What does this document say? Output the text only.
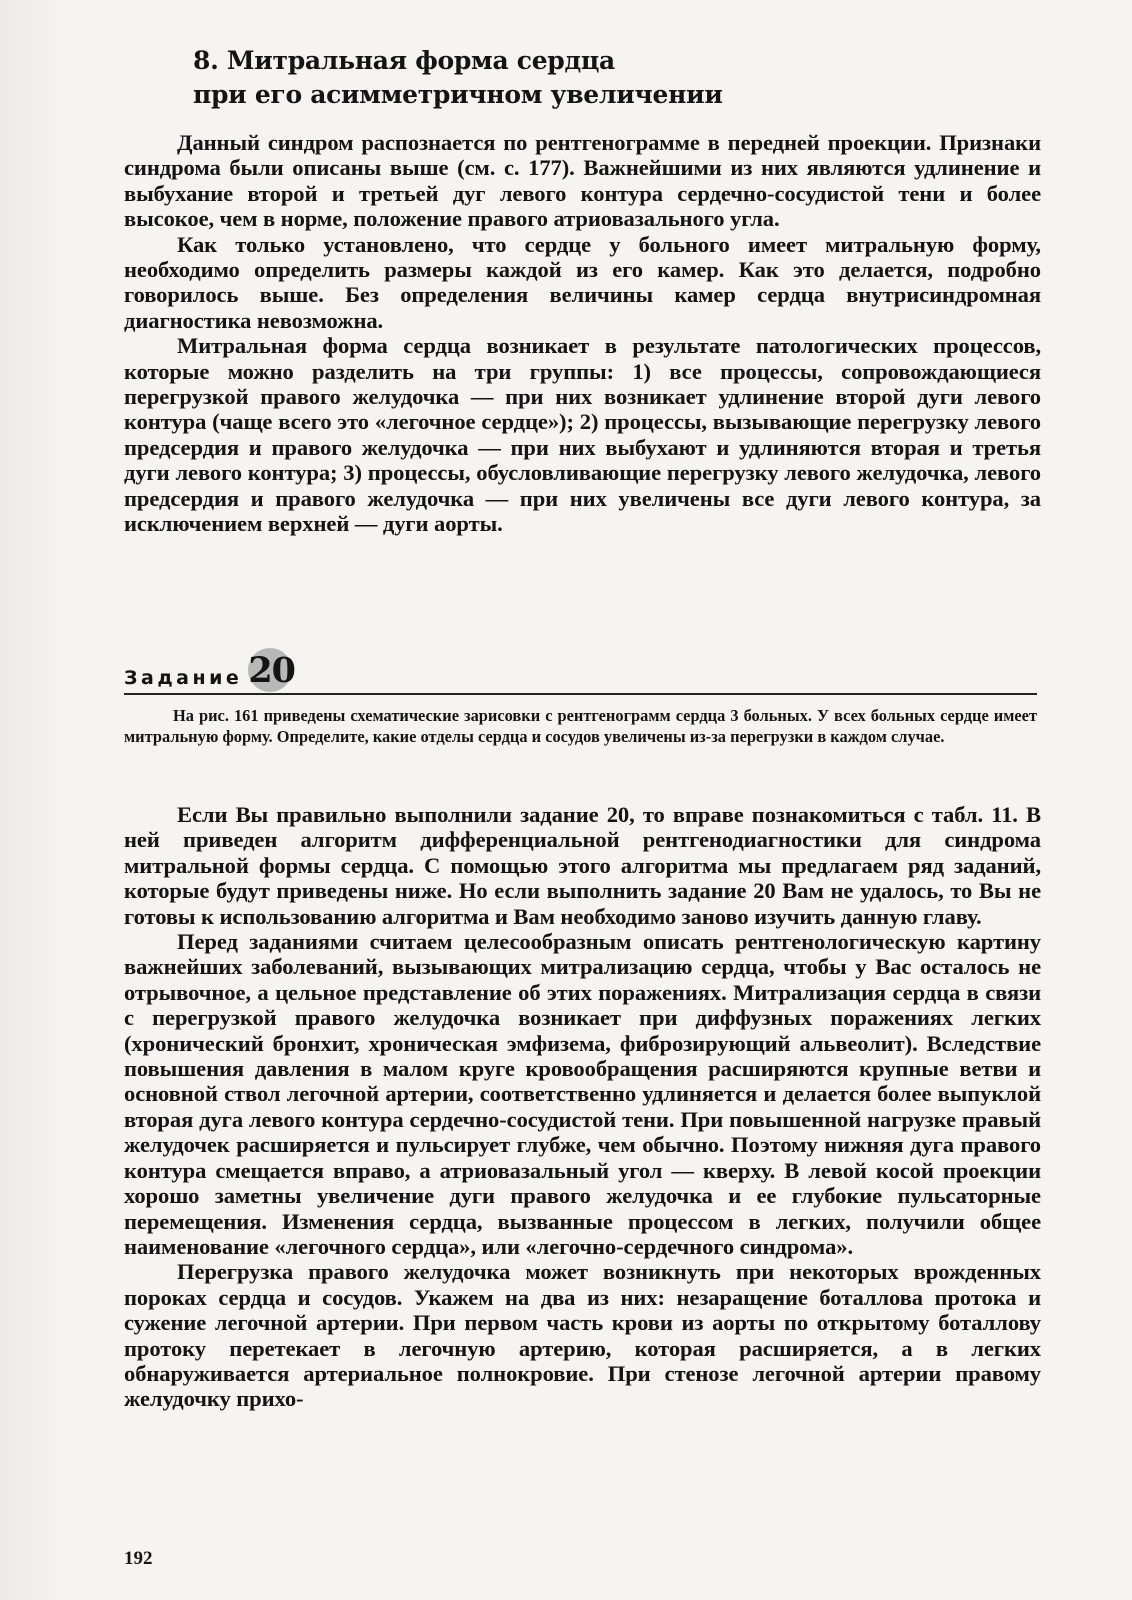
8. Митральная форма сердца
при его асимметричном увеличении

Данный синдром распознается по рентгенограмме в передней проекции. Признаки синдрома были описаны выше (см. с. 177). Важнейшими из них являются удлинение и выбухание второй и третьей дуг левого контура сердечно-сосудистой тени и более высокое, чем в норме, положение правого атриовазального угла.

Как только установлено, что сердце у больного имеет митральную форму, необходимо определить размеры каждой из его камер. Как это делается, подробно говорилось выше. Без определения величины камер сердца внутрисиндромная диагностика невозможна.

Митральная форма сердца возникает в результате патологических процессов, которые можно разделить на три группы: 1) все процессы, сопровождающиеся перегрузкой правого желудочка — при них возникает удлинение второй дуги левого контура (чаще всего это «легочное сердце»); 2) процессы, вызывающие перегрузку левого предсердия и правого желудочка — при них выбухают и удлиняются вторая и третья дуги левого контура; 3) процессы, обусловливающие перегрузку левого желудочка, левого предсердия и правого желудочка — при них увеличены все дуги левого контура, за исключением верхней — дуги аорты.

Задание 20

На рис. 161 приведены схематические зарисовки с рентгенограмм сердца 3 больных. У всех больных сердце имеет митральную форму. Определите, какие отделы сердца и сосудов увеличены из-за перегрузки в каждом случае.

Если Вы правильно выполнили задание 20, то вправе познакомиться с табл. 11. В ней приведен алгоритм дифференциальной рентгенодиагностики для синдрома митральной формы сердца. С помощью этого алгоритма мы предлагаем ряд заданий, которые будут приведены ниже. Но если выполнить задание 20 Вам не удалось, то Вы не готовы к использованию алгоритма и Вам необходимо заново изучить данную главу.

Перед заданиями считаем целесообразным описать рентгенологическую картину важнейших заболеваний, вызывающих митрализацию сердца, чтобы у Вас осталось не отрывочное, а цельное представление об этих поражениях. Митрализация сердца в связи с перегрузкой правого желудочка возникает при диффузных поражениях легких (хронический бронхит, хроническая эмфизема, фиброзирующий альвеолит). Вследствие повышения давления в малом круге кровообращения расширяются крупные ветви и основной ствол легочной артерии, соответственно удлиняется и делается более выпуклой вторая дуга левого контура сердечно-сосудистой тени. При повышенной нагрузке правый желудочек расширяется и пульсирует глубже, чем обычно. Поэтому нижняя дуга правого контура смещается вправо, а атриовазальный угол — кверху. В левой косой проекции хорошо заметны увеличение дуги правого желудочка и ее глубокие пульсаторные перемещения. Изменения сердца, вызванные процессом в легких, получили общее наименование «легочного сердца», или «легочно-сердечного синдрома».

Перегрузка правого желудочка может возникнуть при некоторых врожденных пороках сердца и сосудов. Укажем на два из них: незаращение боталлова протока и сужение легочной артерии. При первом часть крови из аорты по открытому боталлову протоку перетекает в легочную артерию, которая расширяется, а в легких обнаруживается артериальное полнокровие. При стенозе легочной артерии правому желудочку прихо-

192
